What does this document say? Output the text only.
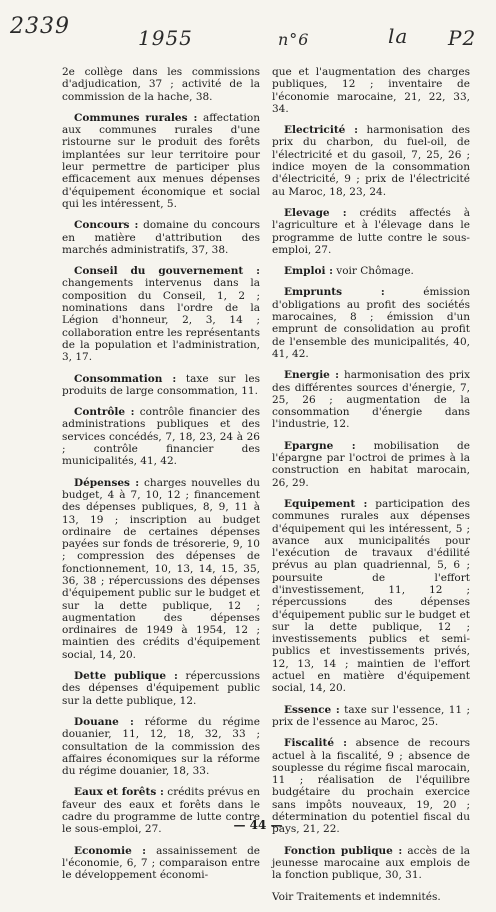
2339	1955	n°6	la P2

2e collège dans les commissions d'adjudication, 37 ; activité de la commission de la hache, 38.

Communes rurales : affectation aux communes rurales d'une ristourne sur le produit des forêts implantées sur leur territoire pour leur permettre de participer plus efficacement aux menues dépenses d'équipement économique et social qui les intéressent, 5.

Concours : domaine du concours en matière d'attribution des marchés administratifs, 37, 38.

Conseil du gouvernement : changements intervenus dans la composition du Conseil, 1, 2 ; nominations dans l'ordre de la Légion d'honneur, 2, 3, 14 ; collaboration entre les représentants de la population et l'administration, 3, 17.

Consommation : taxe sur les produits de large consommation, 11.

Contrôle : contrôle financier des administrations publiques et des services concédés, 7, 18, 23, 24 à 26 ; contrôle financier des municipalités, 41, 42.

Dépenses : charges nouvelles du budget, 4 à 7, 10, 12 ; financement des dépenses publiques, 8, 9, 11 à 13, 19 ; inscription au budget ordinaire de certaines dépenses payées sur fonds de trésorerie, 9, 10 ; compression des dépenses de fonctionnement, 10, 13, 14, 15, 35, 36, 38 ; répercussions des dépenses d'équipement public sur le budget et sur la dette publique, 12 ; augmentation des dépenses ordinaires de 1949 à 1954, 12 ; maintien des crédits d'équipement social, 14, 20.

Dette publique : répercussions des dépenses d'équipement public sur la dette publique, 12.

Douane : réforme du régime douanier, 11, 12, 18, 32, 33 ; consultation de la commission des affaires économiques sur la réforme du régime douanier, 18, 33.

Eaux et forêts : crédits prévus en faveur des eaux et forêts dans le cadre du programme de lutte contre le sous-emploi, 27.

Economie : assainissement de l'économie, 6, 7 ; comparaison entre le développement économi-

que et l'augmentation des charges publiques, 12 ; inventaire de l'économie marocaine, 21, 22, 33, 34.

Electricité : harmonisation des prix du charbon, du fuel-oil, de l'électricité et du gasoil, 7, 25, 26 ; indice moyen de la consommation d'électricité, 9 ; prix de l'électricité au Maroc, 18, 23, 24.

Elevage : crédits affectés à l'agriculture et à l'élevage dans le programme de lutte contre le sous-emploi, 27.

Emploi : voir Chômage.

Emprunts : émission d'obligations au profit des sociétés marocaines, 8 ; émission d'un emprunt de consolidation au profit de l'ensemble des municipalités, 40, 41, 42.

Energie : harmonisation des prix des différentes sources d'énergie, 7, 25, 26 ; augmentation de la consommation d'énergie dans l'industrie, 12.

Epargne : mobilisation de l'épargne par l'octroi de primes à la construction en habitat marocain, 26, 29.

Equipement : participation des communes rurales aux dépenses d'équipement qui les intéressent, 5 ; avance aux municipalités pour l'exécution de travaux d'édilité prévus au plan quadriennal, 5, 6 ; poursuite de l'effort d'investissement, 11, 12 ; répercussions des dépenses d'équipement public sur le budget et sur la dette publique, 12 ; investissements publics et semi-publics et investissements privés, 12, 13, 14 ; maintien de l'effort actuel en matière d'équipement social, 14, 20.

Essence : taxe sur l'essence, 11 ; prix de l'essence au Maroc, 25.

Fiscalité : absence de recours actuel à la fiscalité, 9 ; absence de souplesse du régime fiscal marocain, 11 ; réalisation de l'équilibre budgétaire du prochain exercice sans impôts nouveaux, 19, 20 ; détermination du potentiel fiscal du pays, 21, 22.

Fonction publique : accès de la jeunesse marocaine aux emplois de la fonction publique, 30, 31.

Voir Traitements et indemnités.

— 44 —
